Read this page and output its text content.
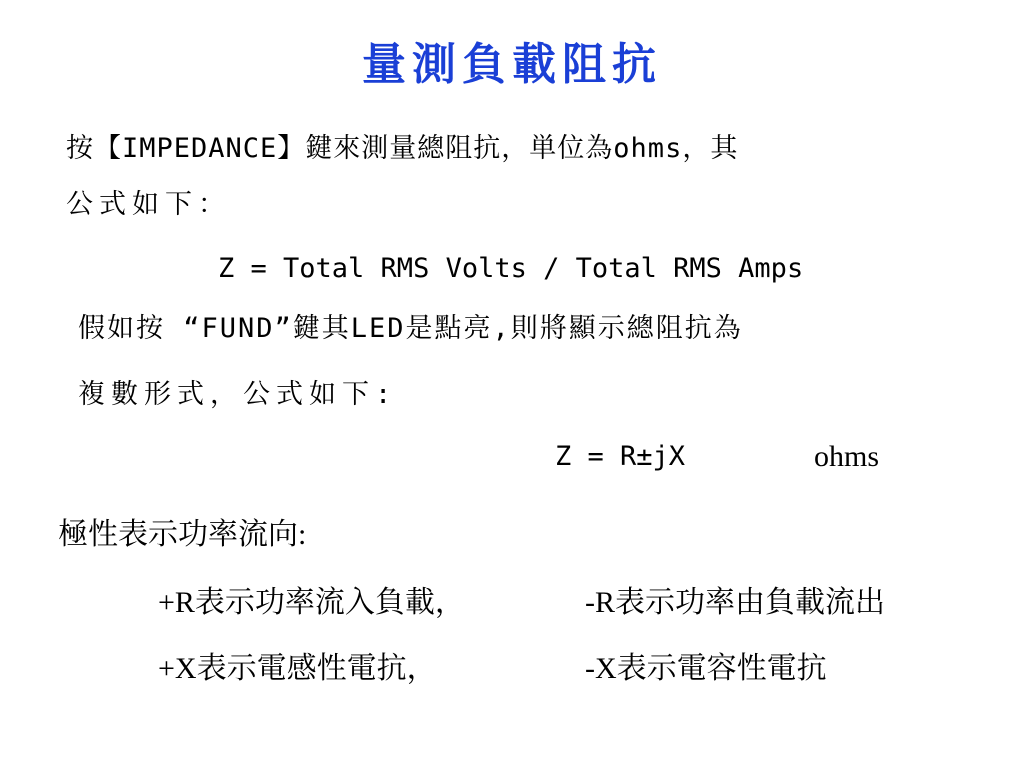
量測負載阻抗
按【IMPEDANCE】鍵來測量總阻抗，単位為ohms，其
公式如下：
Z = Total RMS Volts / Total RMS Amps
假如按 “FUND”鍵其LED是點亮,則將顯示總阻抗為
複數形式，公式如下:
Z = R±jX	ohms
極性表示功率流向:
+R表示功率流入負載，	-R表示功率由負載流出
+X表示電感性電抗，	-X表示電容性電抗
